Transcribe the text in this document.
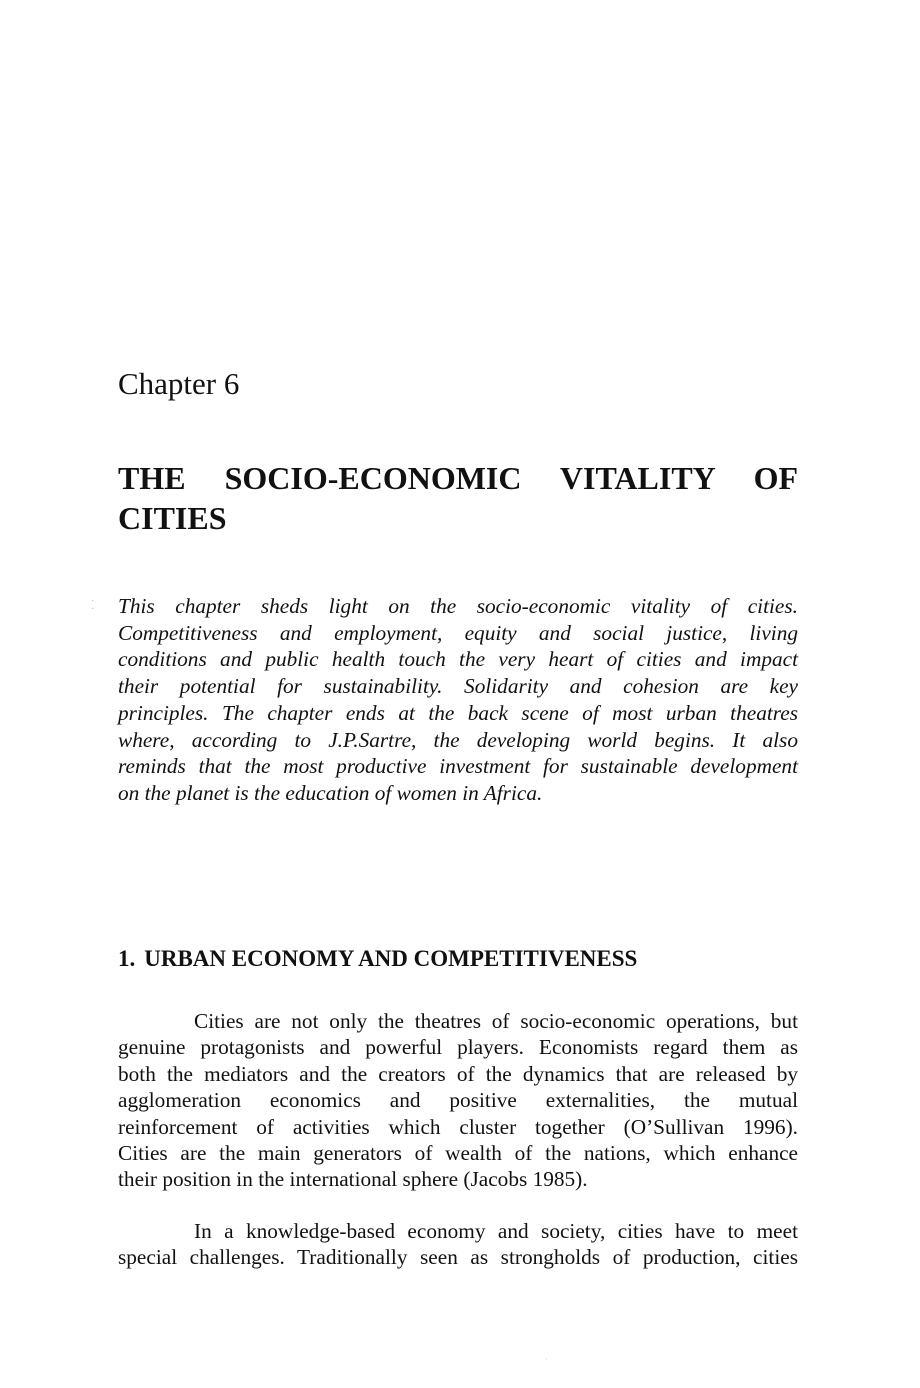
Chapter 6
THE SOCIO-ECONOMIC VITALITY OF
CITIES
·
· This chapter sheds light on the socio-economic vitality of cities.
Competitiveness and employment, equity and social justice, living
conditions and public health touch the very heart of cities and impact
their potential for sustainability. Solidarity and cohesion are key
principles. The chapter ends at the back scene of most urban theatres
where, according to J.P.Sartre, the developing world begins. It also
reminds that the most productive investment for sustainable development
on the planet is the education of women in Africa.
1. URBAN ECONOMY AND COMPETITIVENESS
Cities are not only the theatres of socio-economic operations, but
genuine protagonists and powerful players. Economists regard them as
both the mediators and the creators of the dynamics that are released by
agglomeration economics and positive externalities, the mutual
reinforcement of activities which cluster together (O’Sullivan 1996).
Cities are the main generators of wealth of the nations, which enhance
their position in the international sphere (Jacobs 1985).
In a knowledge-based economy and society, cities have to meet
special challenges. Traditionally seen as strongholds of production, cities
·
